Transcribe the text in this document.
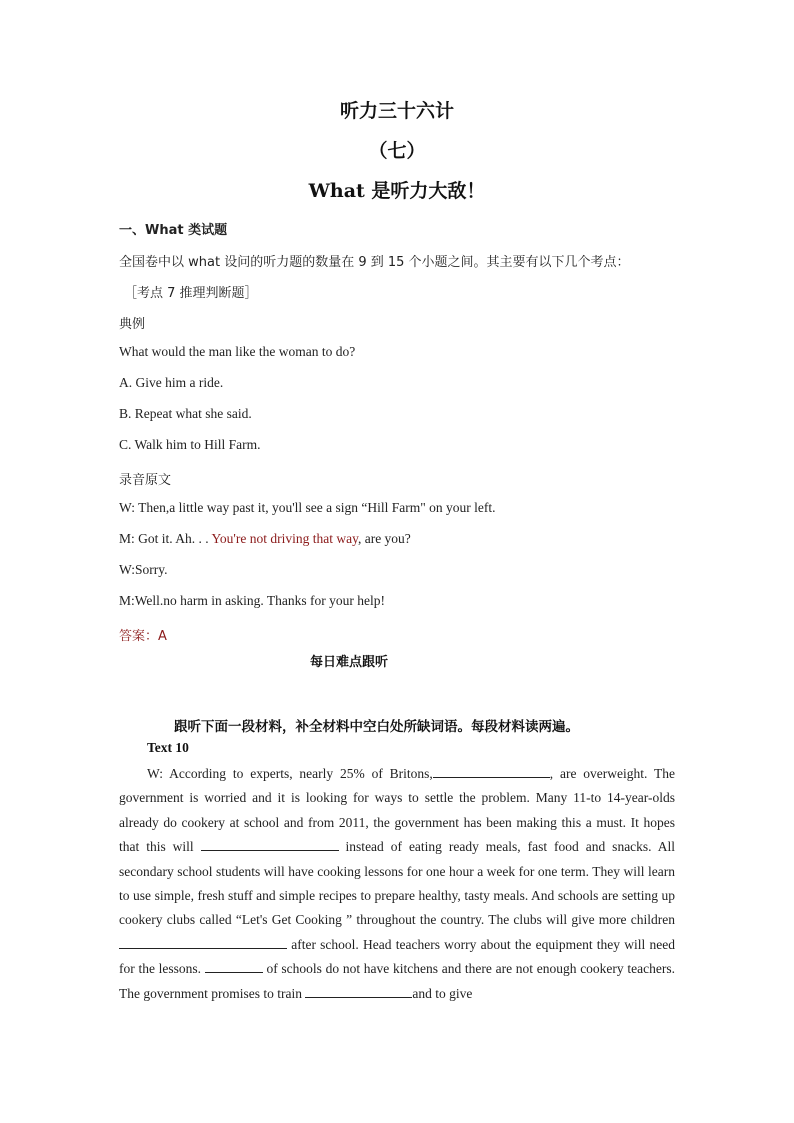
听力三十六计
（七）
What 是听力大敌！
一、What 类试题
全国卷中以 what 设问的听力题的数量在 9 到 15 个小题之间。其主要有以下几个考点：
［考点 7 推理判断题］
典例
What would the man like the woman to do?
A. Give him a ride.
B. Repeat what she said.
C. Walk him to Hill Farm.
录音原文
W: Then,a little way past it, you'll see a sign “Hill Farm" on your left.
M: Got it. Ah. . . You're not driving that way, are you?
W:Sorry.
M:Well.no harm in asking. Thanks for your help!
答案：A
每日难点跟听
跟听下面一段材料，补全材料中空白处所缺词语。每段材料读两遍。
Text 10
W: According to experts, nearly 25% of Britons,	, are overweight. The government is worried and it is looking for ways to settle the problem. Many 11-to 14-year-olds already do cookery at school and from 2011, the government has been making this a must. It hopes that this will	instead of eating ready meals, fast food and snacks. All secondary school students will have cooking lessons for one hour a week for one term. They will learn to use simple, fresh stuff and simple recipes to prepare healthy, tasty meals. And schools are setting up cookery clubs called “Let's Get Cooking ” throughout the country. The clubs will give more children  after school. Head teachers worry about the equipment they will need for the lessons.	of schools do not have kitchens and there are not enough cookery teachers. The government promises to train	and to give
